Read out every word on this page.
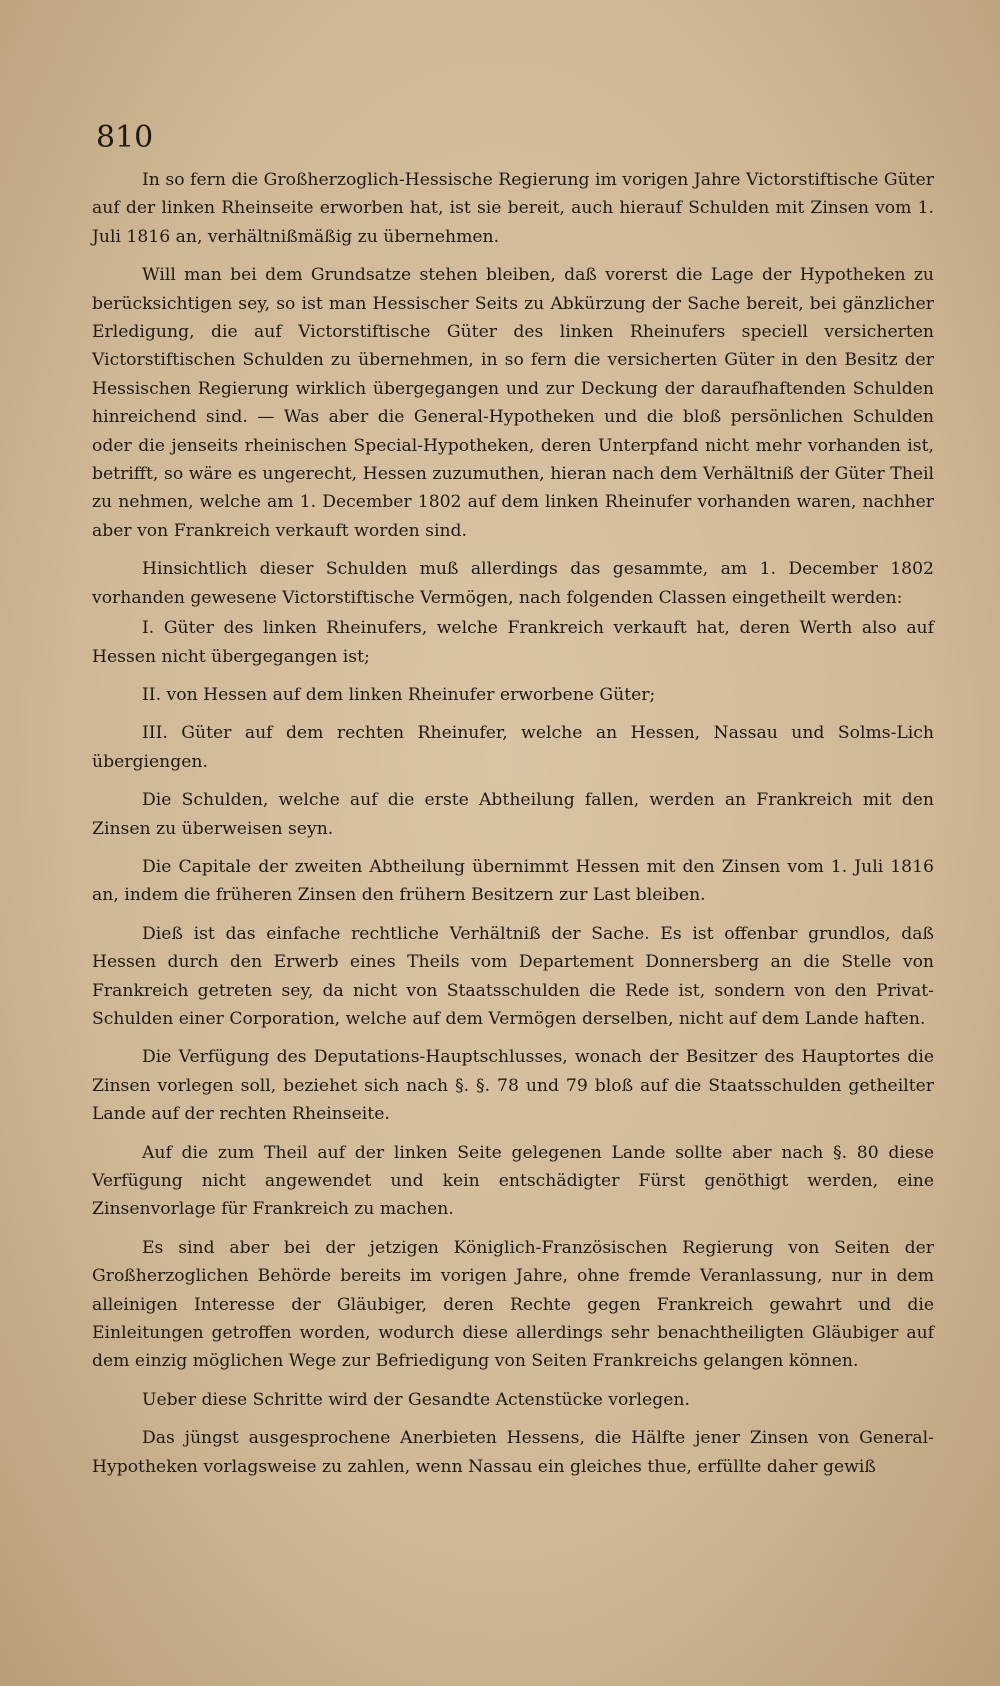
810

In so fern die Großherzoglich-Hessische Regierung im vorigen Jahre Victorstiftische Güter auf der linken Rheinseite erworben hat, ist sie bereit, auch hierauf Schulden mit Zinsen vom 1. Juli 1816 an, verhältnißmäßig zu übernehmen.

Will man bei dem Grundsatze stehen bleiben, daß vorerst die Lage der Hypotheken zu berücksichtigen sey, so ist man Hessischer Seits zu Abkürzung der Sache bereit, bei gänzlicher Erledigung, die auf Victorstiftische Güter des linken Rheinufers speciell versicherten Victorstiftischen Schulden zu übernehmen, in so fern die versicherten Güter in den Besitz der Hessischen Regierung wirklich übergegangen und zur Deckung der daraufhaftenden Schulden hinreichend sind. — Was aber die General-Hypotheken und die bloß persönlichen Schulden oder die jenseits rheinischen Special-Hypotheken, deren Unterpfand nicht mehr vorhanden ist, betrifft, so wäre es ungerecht, Hessen zuzumuthen, hieran nach dem Verhältniß der Güter Theil zu nehmen, welche am 1. December 1802 auf dem linken Rheinufer vorhanden waren, nachher aber von Frankreich verkauft worden sind.

Hinsichtlich dieser Schulden muß allerdings das gesammte, am 1. December 1802 vorhanden gewesene Victorstiftische Vermögen, nach folgenden Classen eingetheilt werden:

I. Güter des linken Rheinufers, welche Frankreich verkauft hat, deren Werth also auf Hessen nicht übergegangen ist;

II. von Hessen auf dem linken Rheinufer erworbene Güter;

III. Güter auf dem rechten Rheinufer, welche an Hessen, Nassau und Solms-Lich übergiengen.

Die Schulden, welche auf die erste Abtheilung fallen, werden an Frankreich mit den Zinsen zu überweisen seyn.

Die Capitale der zweiten Abtheilung übernimmt Hessen mit den Zinsen vom 1. Juli 1816 an, indem die früheren Zinsen den frühern Besitzern zur Last bleiben.

Dieß ist das einfache rechtliche Verhältniß der Sache. Es ist offenbar grundlos, daß Hessen durch den Erwerb eines Theils vom Departement Donnersberg an die Stelle von Frankreich getreten sey, da nicht von Staatsschulden die Rede ist, sondern von den Privat-Schulden einer Corporation, welche auf dem Vermögen derselben, nicht auf dem Lande haften.

Die Verfügung des Deputations-Hauptschlusses, wonach der Besitzer des Hauptortes die Zinsen vorlegen soll, beziehet sich nach §. §. 78 und 79 bloß auf die Staatsschulden getheilter Lande auf der rechten Rheinseite.

Auf die zum Theil auf der linken Seite gelegenen Lande sollte aber nach §. 80 diese Verfügung nicht angewendet und kein entschädigter Fürst genöthigt werden, eine Zinsenvorlage für Frankreich zu machen.

Es sind aber bei der jetzigen Königlich-Französischen Regierung von Seiten der Großherzoglichen Behörde bereits im vorigen Jahre, ohne fremde Veranlassung, nur in dem alleinigen Interesse der Gläubiger, deren Rechte gegen Frankreich gewahrt und die Einleitungen getroffen worden, wodurch diese allerdings sehr benachtheiligten Gläubiger auf dem einzig möglichen Wege zur Befriedigung von Seiten Frankreichs gelangen können.

Ueber diese Schritte wird der Gesandte Actenstücke vorlegen.

Das jüngst ausgesprochene Anerbieten Hessens, die Hälfte jener Zinsen von General-Hypotheken vorlagsweise zu zahlen, wenn Nassau ein gleiches thue, erfüllte daher gewiß
